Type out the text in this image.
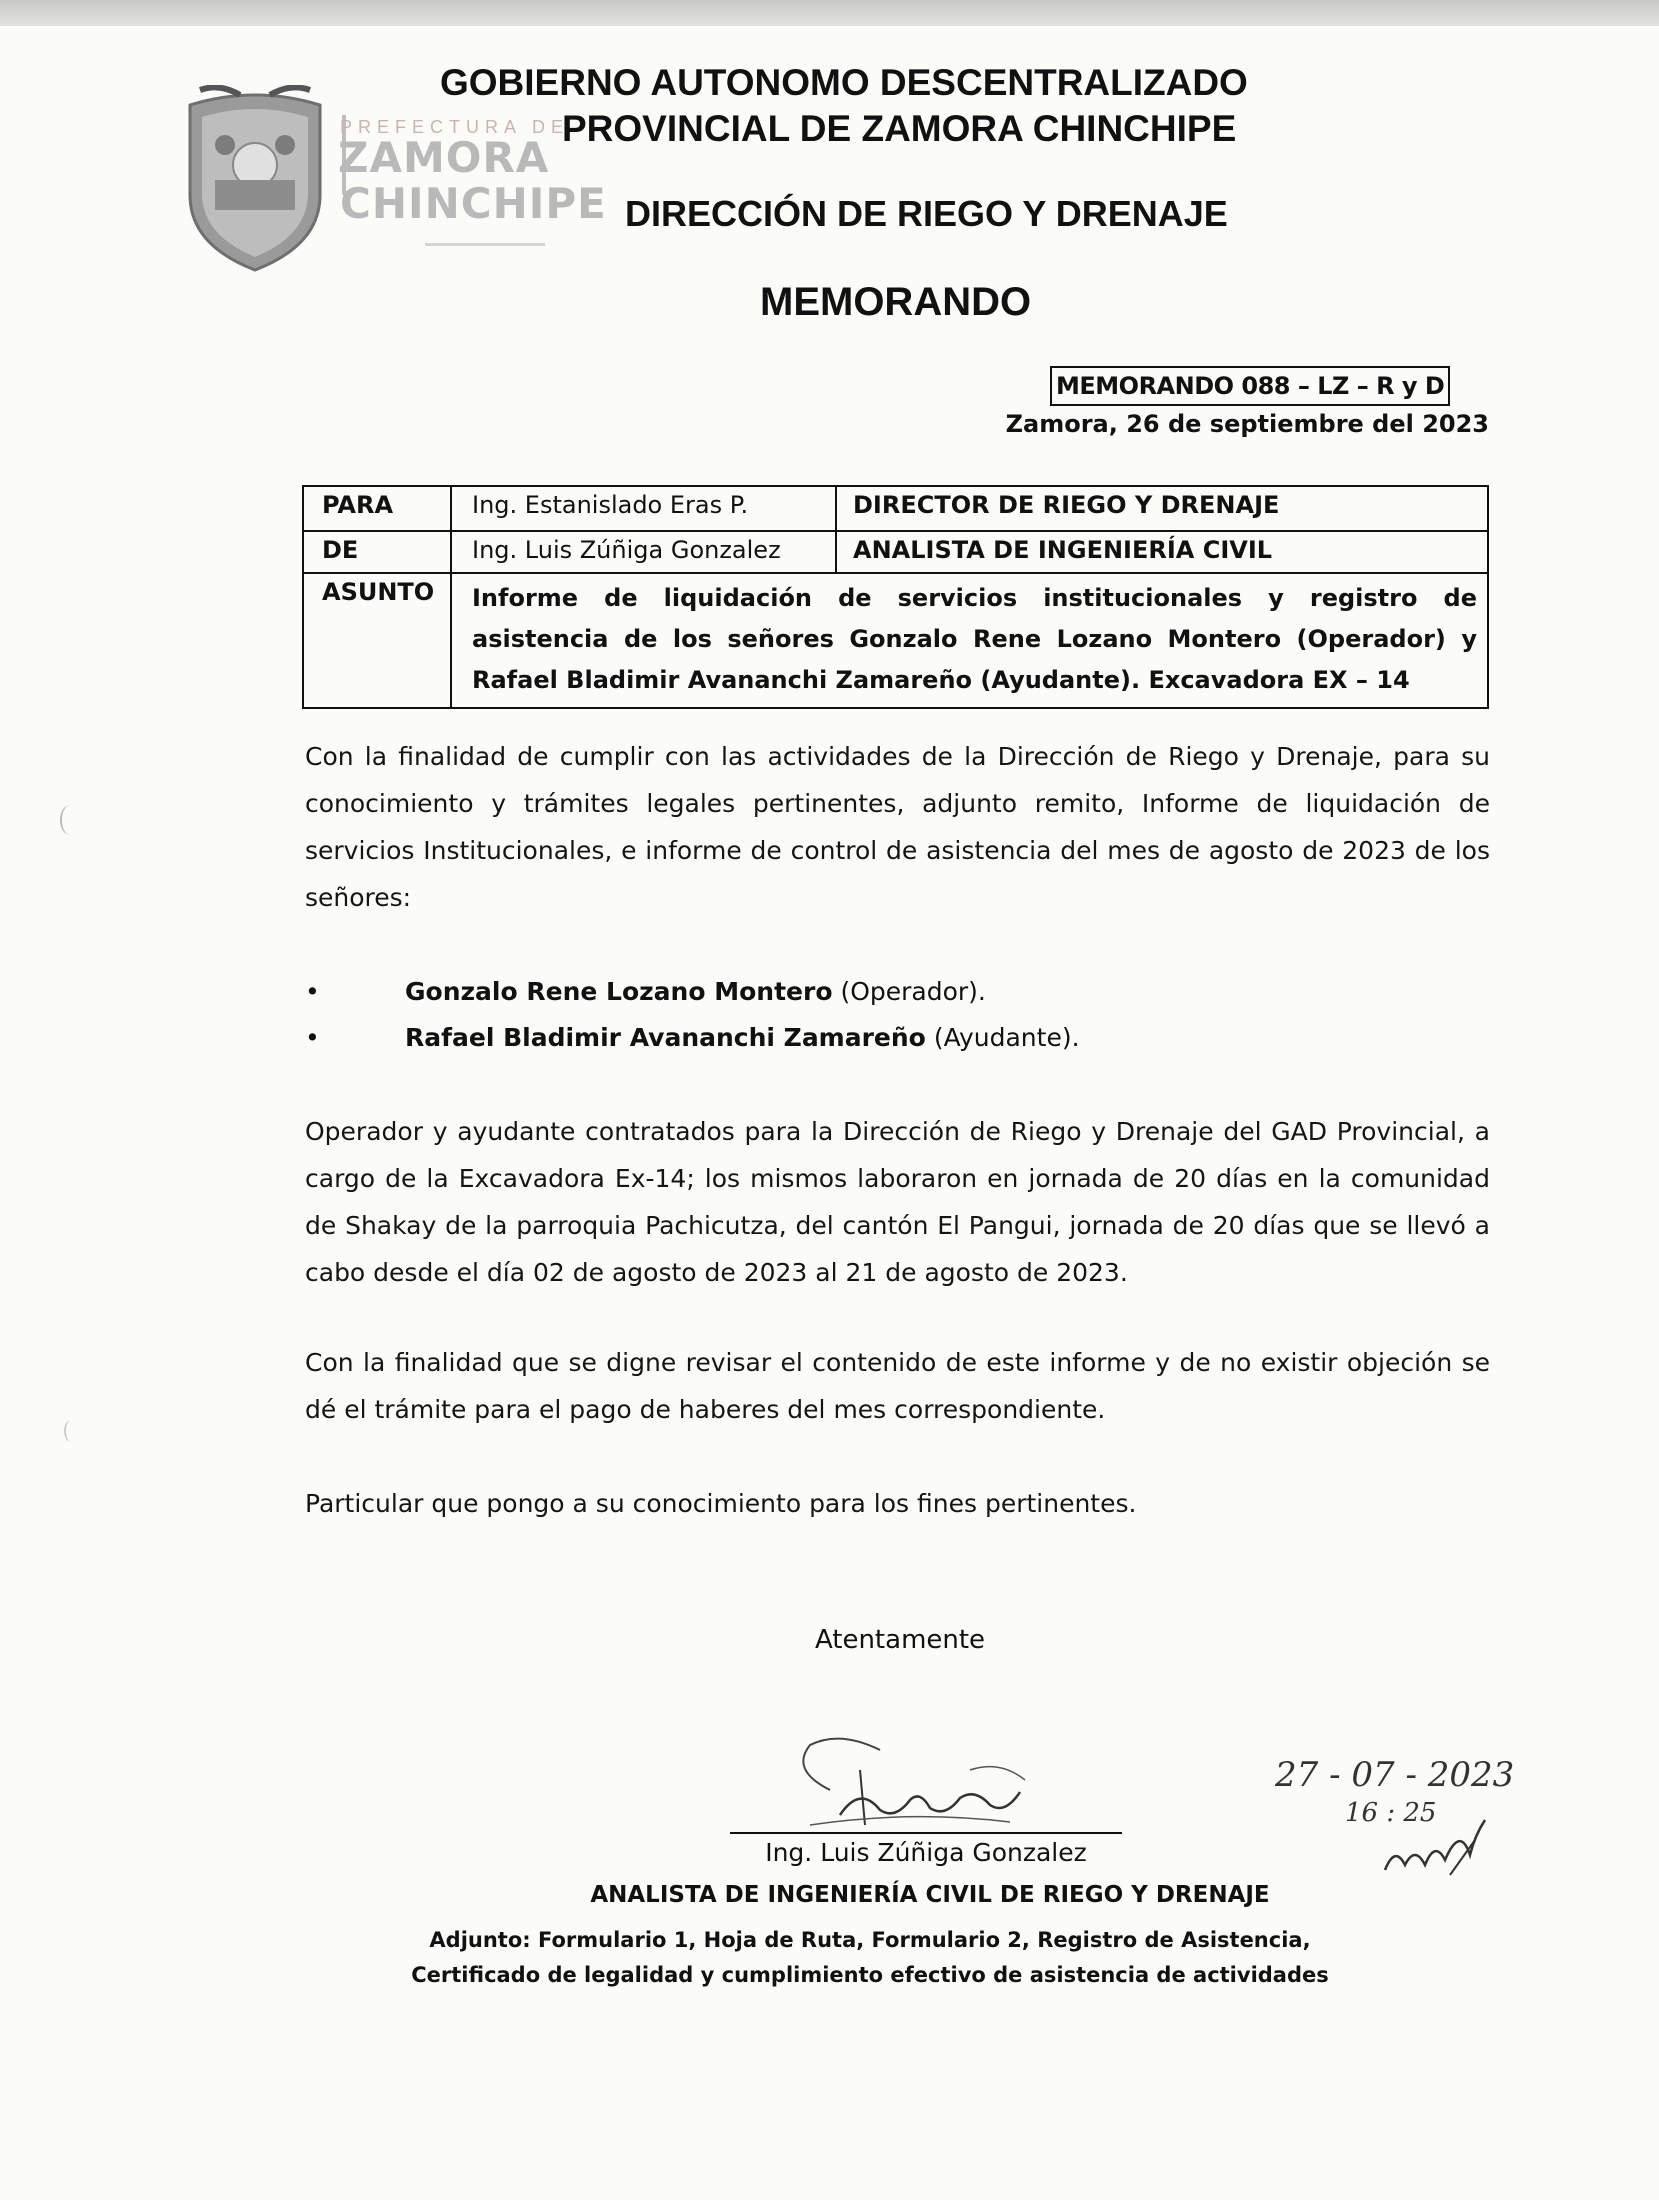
PREFECTURA DE
ZAMORA
CHINCHIPE
GOBIERNO AUTONOMO DESCENTRALIZADO
PROVINCIAL DE ZAMORA CHINCHIPE
DIRECCIÓN DE RIEGO Y DRENAJE
MEMORANDO
MEMORANDO 088 – LZ – R y D
Zamora, 26 de septiembre del 2023
PARA	Ing. Estanislado Eras P.	DIRECTOR DE RIEGO Y DRENAJE
DE	Ing. Luis Zúñiga Gonzalez	ANALISTA DE INGENIERÍA CIVIL
ASUNTO	Informe de liquidación de servicios institucionales y registro de asistencia de los señores Gonzalo Rene Lozano Montero (Operador) y Rafael Bladimir Avananchi Zamareño (Ayudante). Excavadora EX – 14
Con la finalidad de cumplir con las actividades de la Dirección de Riego y Drenaje, para su conocimiento y trámites legales pertinentes, adjunto remito, Informe de liquidación de servicios Institucionales, e informe de control de asistencia del mes de agosto de 2023 de los señores:
•	Gonzalo Rene Lozano Montero (Operador).
•	Rafael Bladimir Avananchi Zamareño (Ayudante).
Operador y ayudante contratados para la Dirección de Riego y Drenaje del GAD Provincial, a cargo de la Excavadora Ex-14; los mismos laboraron en jornada de 20 días en la comunidad de Shakay de la parroquia Pachicutza, del cantón El Pangui, jornada de 20 días que se llevó a cabo desde el día 02 de agosto de 2023 al 21 de agosto de 2023.
Con la finalidad que se digne revisar el contenido de este informe y de no existir objeción se dé el trámite para el pago de haberes del mes correspondiente.
Particular que pongo a su conocimiento para los fines pertinentes.
Atentamente
Ing. Luis Zúñiga Gonzalez
ANALISTA DE INGENIERÍA CIVIL DE RIEGO Y DRENAJE
Adjunto: Formulario 1, Hoja de Ruta, Formulario 2, Registro de Asistencia,
Certificado de legalidad y cumplimiento efectivo de asistencia de actividades
27 - 07 - 2023
16 : 25
